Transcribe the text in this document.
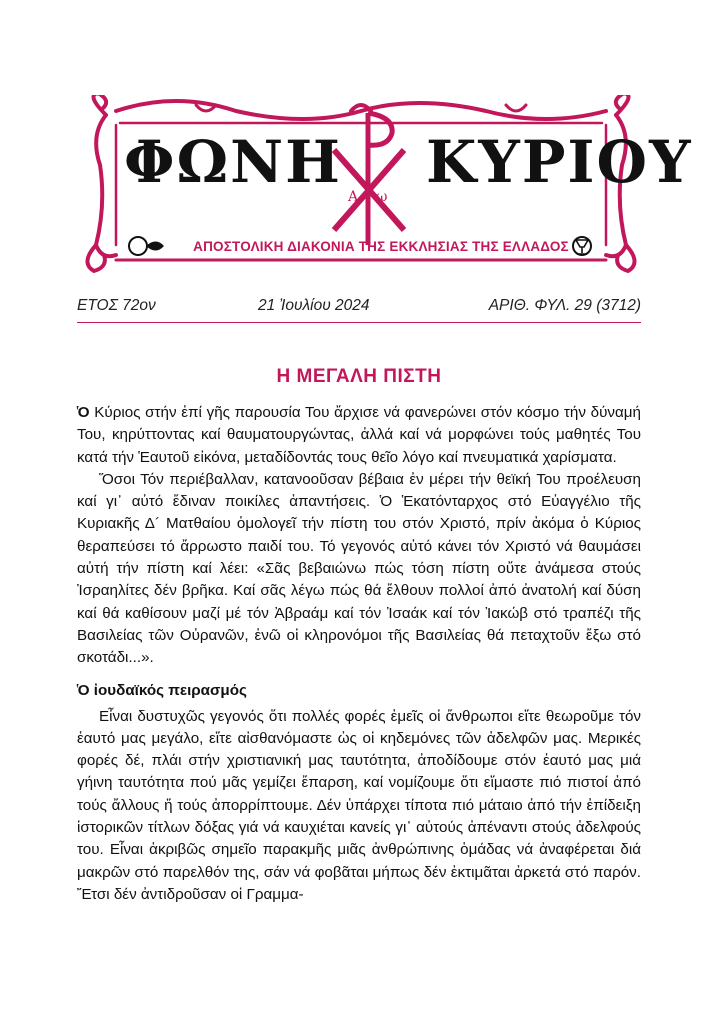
Α ω
ΦΩΝΗ ΚΥΡΙΟΥ
ΑΠΟΣΤΟΛΙΚΗ ΔΙΑΚΟΝΙΑ ΤΗΣ ΕΚΚΛΗΣΙΑΣ ΤΗΣ ΕΛΛΑΔΟΣ
ΕΤΟΣ 72ον	21 Ἰουλίου 2024	ΑΡΙΘ. ΦΥΛ. 29 (3712)
Η ΜΕΓΑΛΗ ΠΙΣΤΗ

Ὁ Κύριος στήν ἐπί γῆς παρουσία Του ἄρχισε νά φανερώνει στόν κόσμο τήν δύναμή Του, κηρύττοντας καί θαυματουργώντας, ἀλλά καί νά μορφώνει τούς μαθητές Του κατά τήν Ἑαυτοῦ εἰκόνα, μεταδίδοντάς τους θεῖο λόγο καί πνευματικά χαρίσματα.

Ὅσοι Τόν περιέβαλλαν, κατανοοῦσαν βέβαια ἐν μέρει τήν θεϊκή Του προέλευση καί γι᾽ αὐτό ἔδιναν ποικίλες ἀπαντήσεις. Ὁ Ἑκατόνταρχος στό Εὐαγγέλιο τῆς Κυριακῆς Δ´ Ματθαίου ὁμολογεῖ τήν πίστη του στόν Χριστό, πρίν ἀκόμα ὁ Κύριος θεραπεύσει τό ἄρρωστο παιδί του. Τό γεγονός αὐτό κάνει τόν Χριστό νά θαυμάσει αὐτή τήν πίστη καί λέει: «Σᾶς βεβαιώνω πώς τόση πίστη οὔτε ἀνάμεσα στούς Ἰσραηλίτες δέν βρῆκα. Καί σᾶς λέγω πώς θά ἔλθουν πολλοί ἀπό ἀνατολή καί δύση καί θά καθίσουν μαζί μέ τόν Ἀβραάμ καί τόν Ἰσαάκ καί τόν Ἰακώβ στό τραπέζι τῆς Βασιλείας τῶν Οὐρανῶν, ἐνῶ οἱ κληρονόμοι τῆς Βασιλείας θά πεταχτοῦν ἔξω στό σκοτάδι...».

Ὁ ἰουδαϊκός πειρασμός

Εἶναι δυστυχῶς γεγονός ὅτι πολλές φορές ἐμεῖς οἱ ἄνθρωποι εἴτε θεωροῦμε τόν ἑαυτό μας μεγάλο, εἴτε αἰσθανόμαστε ὡς οἱ κηδεμόνες τῶν ἀδελφῶν μας. Μερικές φορές δέ, πλάι στήν χριστιανική μας ταυτότητα, ἀποδίδουμε στόν ἑαυτό μας μιά γήινη ταυτότητα πού μᾶς γεμίζει ἔπαρση, καί νομίζουμε ὅτι εἴμαστε πιό πιστοί ἀπό τούς ἄλλους ἤ τούς ἀπορρίπτουμε. Δέν ὑπάρχει τίποτα πιό μάταιο ἀπό τήν ἐπίδειξη ἱστορικῶν τίτλων δόξας γιά νά καυχιέται κανείς γι᾽ αὐτούς ἀπέναντι στούς ἀδελφούς του. Εἶναι ἀκριβῶς σημεῖο παρακμῆς μιᾶς ἀνθρώπινης ὁμάδας νά ἀναφέρεται διά μακρῶν στό παρελθόν της, σάν νά φοβᾶται μήπως δέν ἐκτιμᾶται ἀρκετά στό παρόν. Ἔτσι δέν ἀντιδροῦσαν οἱ Γραμμα-
